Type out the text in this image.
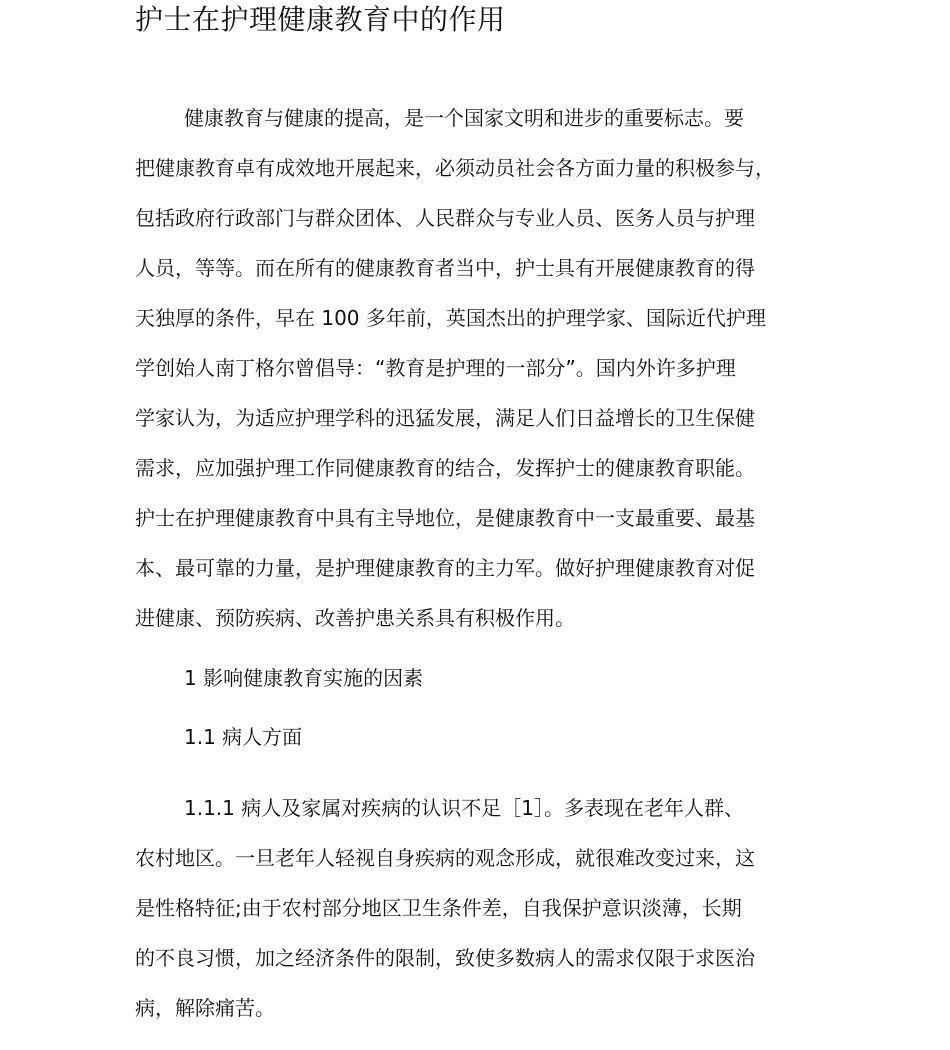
护士在护理健康教育中的作用
健康教育与健康的提高，是一个国家文明和进步的重要标志。要
把健康教育卓有成效地开展起来，必须动员社会各方面力量的积极参与，
包括政府行政部门与群众团体、人民群众与专业人员、医务人员与护理
人员，等等。而在所有的健康教育者当中，护士具有开展健康教育的得
天独厚的条件，早在 100 多年前，英国杰出的护理学家、国际近代护理
学创始人南丁格尔曾倡导：“教育是护理的一部分”。国内外许多护理
学家认为，为适应护理学科的迅猛发展，满足人们日益增长的卫生保健
需求，应加强护理工作同健康教育的结合，发挥护士的健康教育职能。
护士在护理健康教育中具有主导地位，是健康教育中一支最重要、最基
本、最可靠的力量，是护理健康教育的主力军。做好护理健康教育对促
进健康、预防疾病、改善护患关系具有积极作用。
1 影响健康教育实施的因素
1.1 病人方面
1.1.1 病人及家属对疾病的认识不足［1］。多表现在老年人群、
农村地区。一旦老年人轻视自身疾病的观念形成，就很难改变过来，这
是性格特征;由于农村部分地区卫生条件差，自我保护意识淡薄，长期
的不良习惯，加之经济条件的限制，致使多数病人的需求仅限于求医治
病，解除痛苦。
